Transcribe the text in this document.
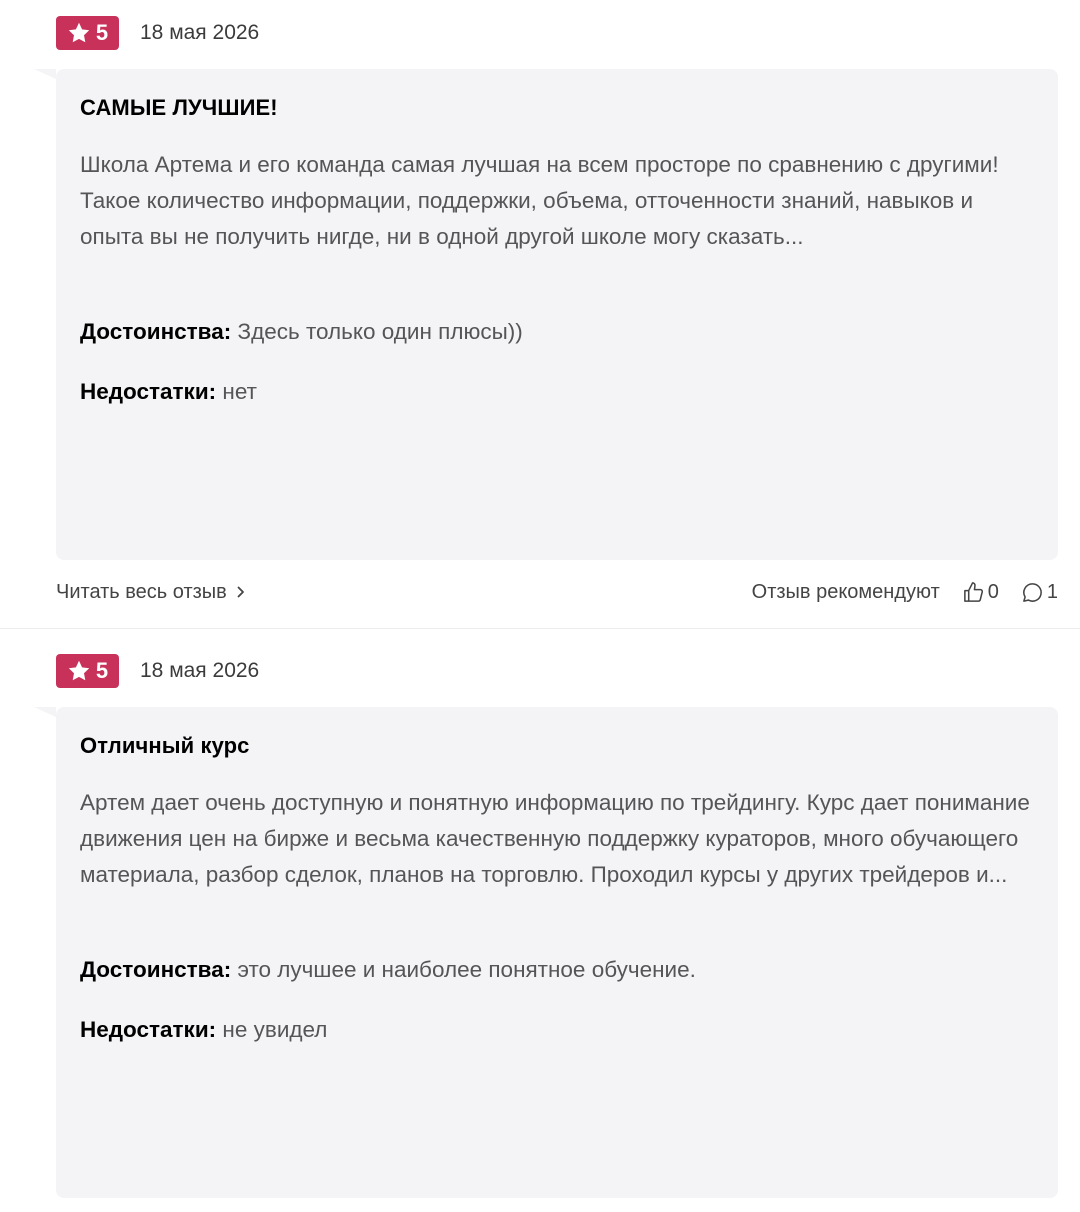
5 18 мая 2026
САМЫЕ ЛУЧШИЕ!
Школа Артема и его команда самая лучшая на всем просторе по сравнению с другими! Такое количество информации, поддержки, объема, отточенности знаний, навыков и опыта вы не получить нигде, ни в одной другой школе могу сказать...
Достоинства: Здесь только один плюсы))
Недостатки: нет
Читать весь отзыв	Отзыв рекомендуют 0 1
5 18 мая 2026
Отличный курс
Артем дает очень доступную и понятную информацию по трейдингу. Курс дает понимание движения цен на бирже и весьма качественную поддержку кураторов, много обучающего материала, разбор сделок, планов на торговлю. Проходил курсы у других трейдеров и...
Достоинства: это лучшее и наиболее понятное обучение.
Недостатки: не увидел
